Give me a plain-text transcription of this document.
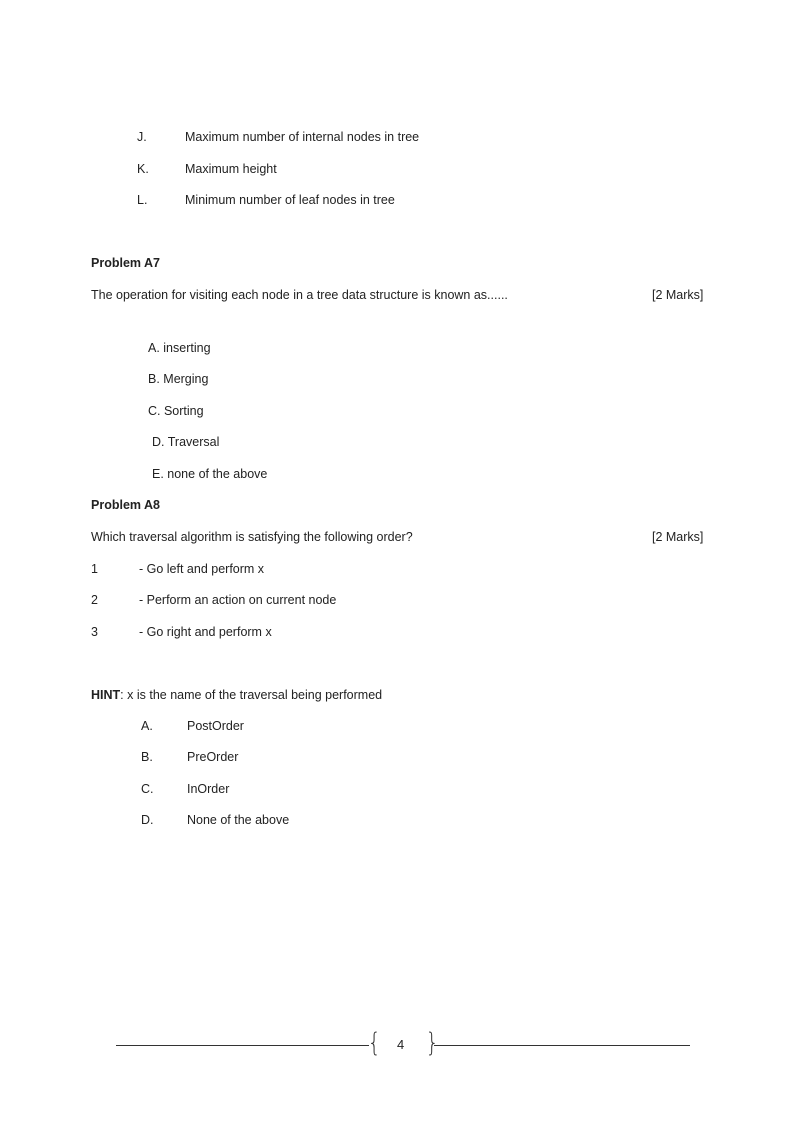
J.	Maximum number of internal nodes in tree
K.	Maximum height
L.	Minimum number of leaf nodes in tree
Problem A7
The operation for visiting each node in a tree data structure is known as......	[2 Marks]
A. inserting
B. Merging
C. Sorting
D. Traversal
E. none of the above
Problem A8
Which traversal algorithm is satisfying the following order?	[2 Marks]
1	- Go left and perform x
2	- Perform an action on current node
3	- Go right and perform x
HINT: x is the name of the traversal being performed
A.	PostOrder
B.	PreOrder
C.	InOrder
D.	None of the above
{ 4 }
